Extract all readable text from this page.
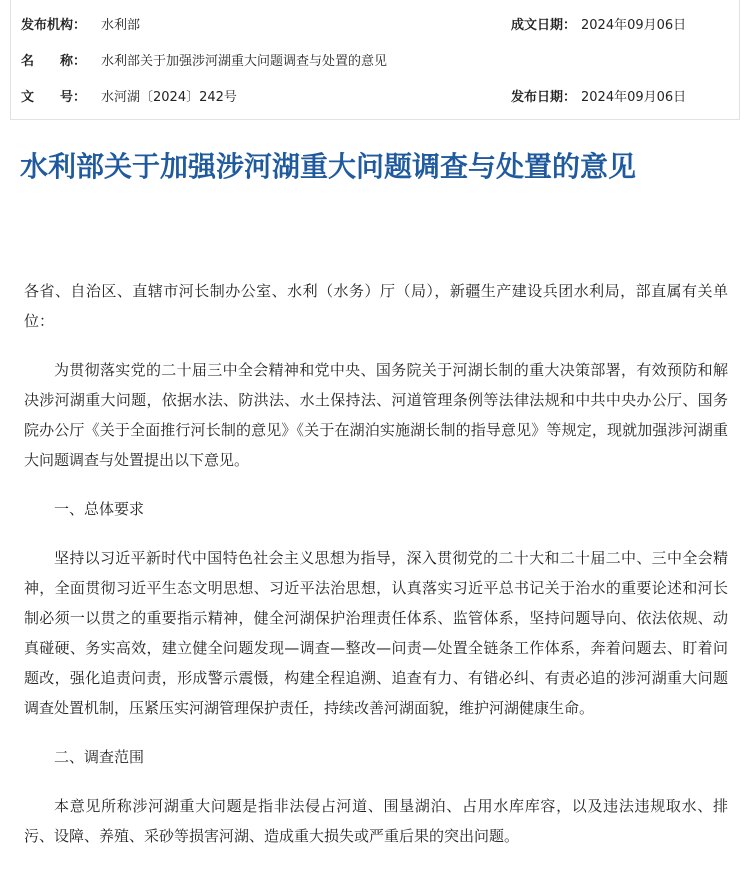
发布机构：	水利部	成文日期： 2024年09月06日
名　　称：	水利部关于加强涉河湖重大问题调查与处置的意见
文　　号：	水河湖〔2024〕242号	发布日期： 2024年09月06日
水利部关于加强涉河湖重大问题调查与处置的意见

各省、自治区、直辖市河长制办公室、水利（水务）厅（局），新疆生产建设兵团水利局，部直属有关单位：

为贯彻落实党的二十届三中全会精神和党中央、国务院关于河湖长制的重大决策部署，有效预防和解决涉河湖重大问题，依据水法、防洪法、水土保持法、河道管理条例等法律法规和中共中央办公厅、国务院办公厅《关于全面推行河长制的意见》《关于在湖泊实施湖长制的指导意见》等规定，现就加强涉河湖重大问题调查与处置提出以下意见。

一、总体要求

坚持以习近平新时代中国特色社会主义思想为指导，深入贯彻党的二十大和二十届二中、三中全会精神，全面贯彻习近平生态文明思想、习近平法治思想，认真落实习近平总书记关于治水的重要论述和河长制必须一以贯之的重要指示精神，健全河湖保护治理责任体系、监管体系，坚持问题导向、依法依规、动真碰硬、务实高效，建立健全问题发现—调查—整改—问责—处置全链条工作体系，奔着问题去、盯着问题改，强化追责问责，形成警示震慑，构建全程追溯、追查有力、有错必纠、有责必追的涉河湖重大问题调查处置机制，压紧压实河湖管理保护责任，持续改善河湖面貌，维护河湖健康生命。

二、调查范围

本意见所称涉河湖重大问题是指非法侵占河道、围垦湖泊、占用水库库容，以及违法违规取水、排污、设障、养殖、采砂等损害河湖、造成重大损失或严重后果的突出问题。
